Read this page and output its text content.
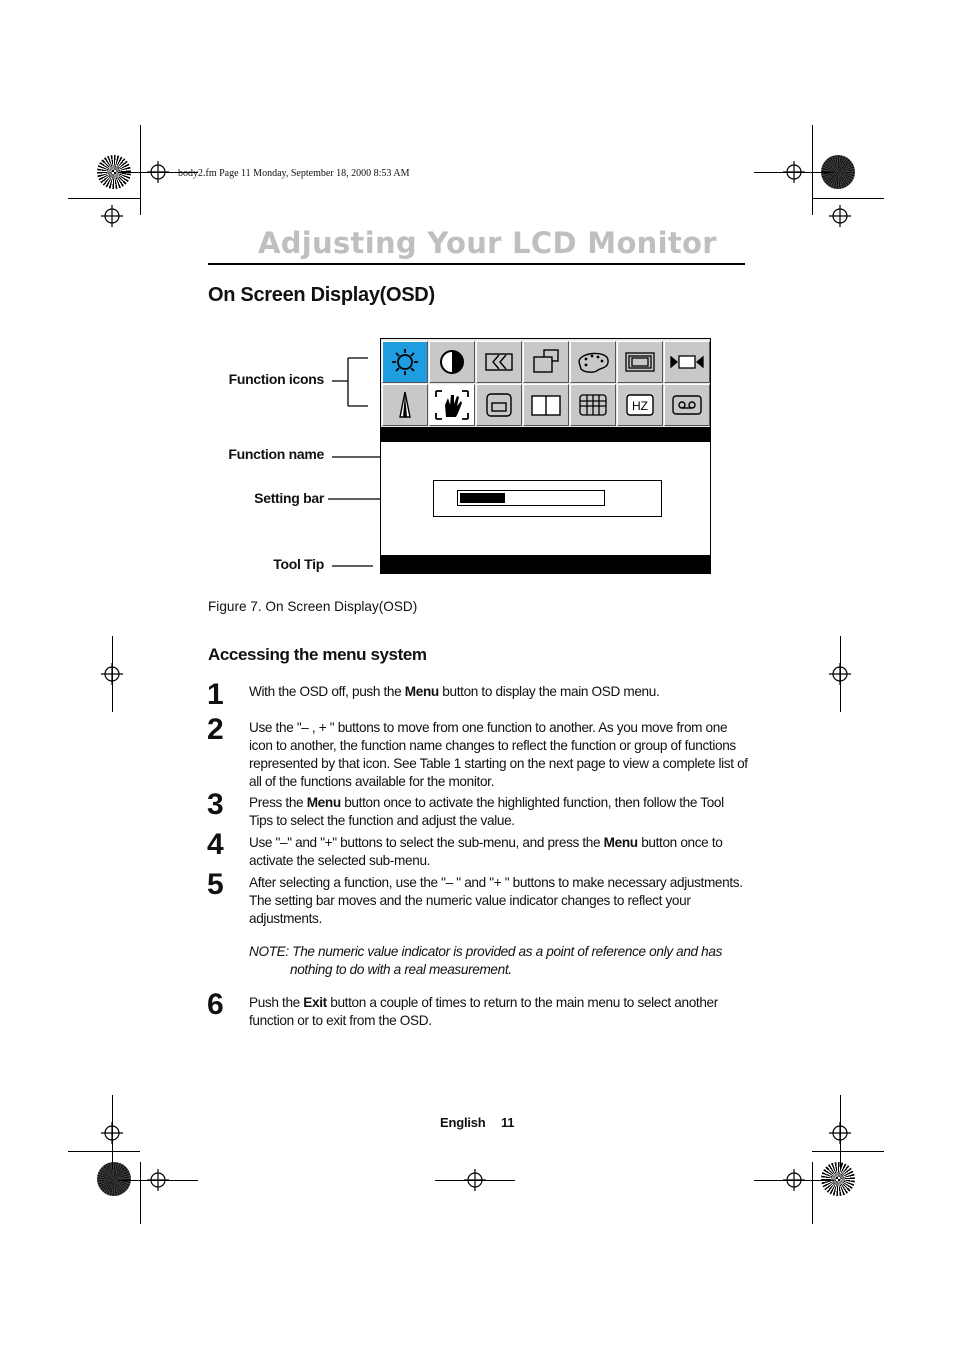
body2.fm Page 11 Monday, September 18, 2000 8:53 AM
Adjusting Your LCD Monitor
On Screen Display(OSD)
Function icons
Function name
Setting bar
Tool Tip
HZ
Figure 7. On Screen Display(OSD)
Accessing the menu system
1 With the OSD off, push the Menu button to display the main OSD menu.
2 Use the "– , + " buttons to move from one function to another. As you move from one icon to another, the function name changes to reflect the function or group of functions represented by that icon. See Table 1 starting on the next page to view a complete list of all of the functions available for the monitor.
3 Press the Menu button once to activate the highlighted function, then follow the Tool Tips to select the function and adjust the value.
4 Use "–" and "+" buttons to select the sub-menu, and press the Menu button once to activate the selected sub-menu.
5 After selecting a function, use the "– " and "+ " buttons to make necessary adjustments. The setting bar moves and the numeric value indicator changes to reflect your adjustments.
NOTE: The numeric value indicator is provided as a point of reference only and has
nothing to do with a real measurement.
6 Push the Exit button a couple of times to return to the main menu to select another function or to exit from the OSD.
English 11
